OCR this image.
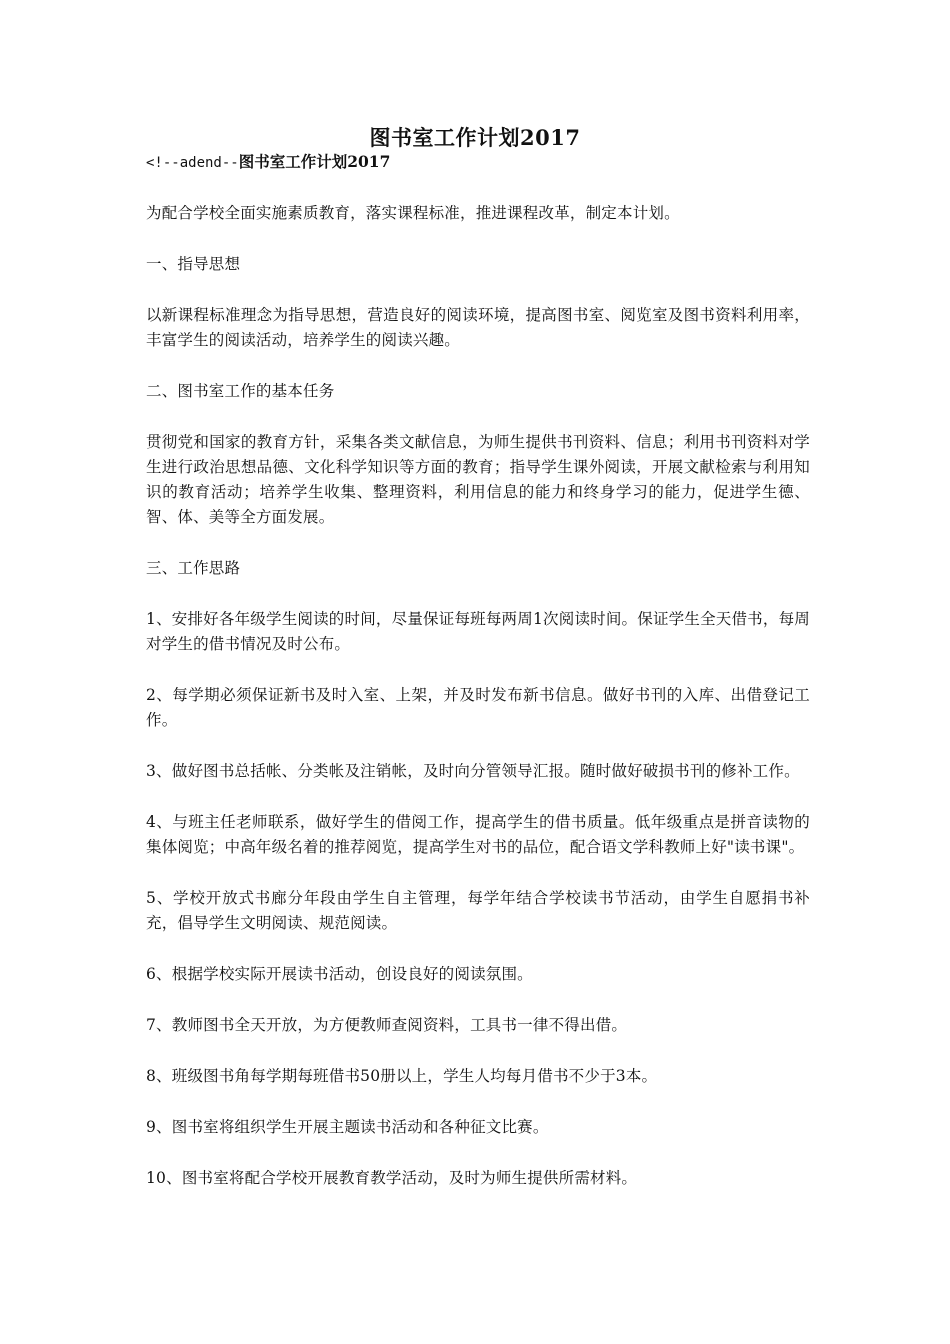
图书室工作计划2017
<!--adend--图书室工作计划2017

为配合学校全面实施素质教育，落实课程标准，推进课程改革，制定本计划。

一、指导思想

以新课程标准理念为指导思想，营造良好的阅读环境，提高图书室、阅览室及图书资料利用率，丰富学生的阅读活动，培养学生的阅读兴趣。

二、图书室工作的基本任务

贯彻党和国家的教育方针，采集各类文献信息，为师生提供书刊资料、信息；利用书刊资料对学生进行政治思想品德、文化科学知识等方面的教育；指导学生课外阅读，开展文献检索与利用知识的教育活动；培养学生收集、整理资料，利用信息的能力和终身学习的能力，促进学生德、智、体、美等全方面发展。

三、工作思路

1、安排好各年级学生阅读的时间，尽量保证每班每两周1次阅读时间。保证学生全天借书，每周对学生的借书情况及时公布。

2、每学期必须保证新书及时入室、上架，并及时发布新书信息。做好书刊的入库、出借登记工作。

3、做好图书总括帐、分类帐及注销帐，及时向分管领导汇报。随时做好破损书刊的修补工作。

4、与班主任老师联系，做好学生的借阅工作，提高学生的借书质量。低年级重点是拼音读物的集体阅览；中高年级名着的推荐阅览，提高学生对书的品位，配合语文学科教师上好"读书课"。

5、学校开放式书廊分年段由学生自主管理，每学年结合学校读书节活动，由学生自愿捐书补充，倡导学生文明阅读、规范阅读。

6、根据学校实际开展读书活动，创设良好的阅读氛围。

7、教师图书全天开放，为方便教师查阅资料，工具书一律不得出借。

8、班级图书角每学期每班借书50册以上，学生人均每月借书不少于3本。

9、图书室将组织学生开展主题读书活动和各种征文比赛。

10、图书室将配合学校开展教育教学活动，及时为师生提供所需材料。
